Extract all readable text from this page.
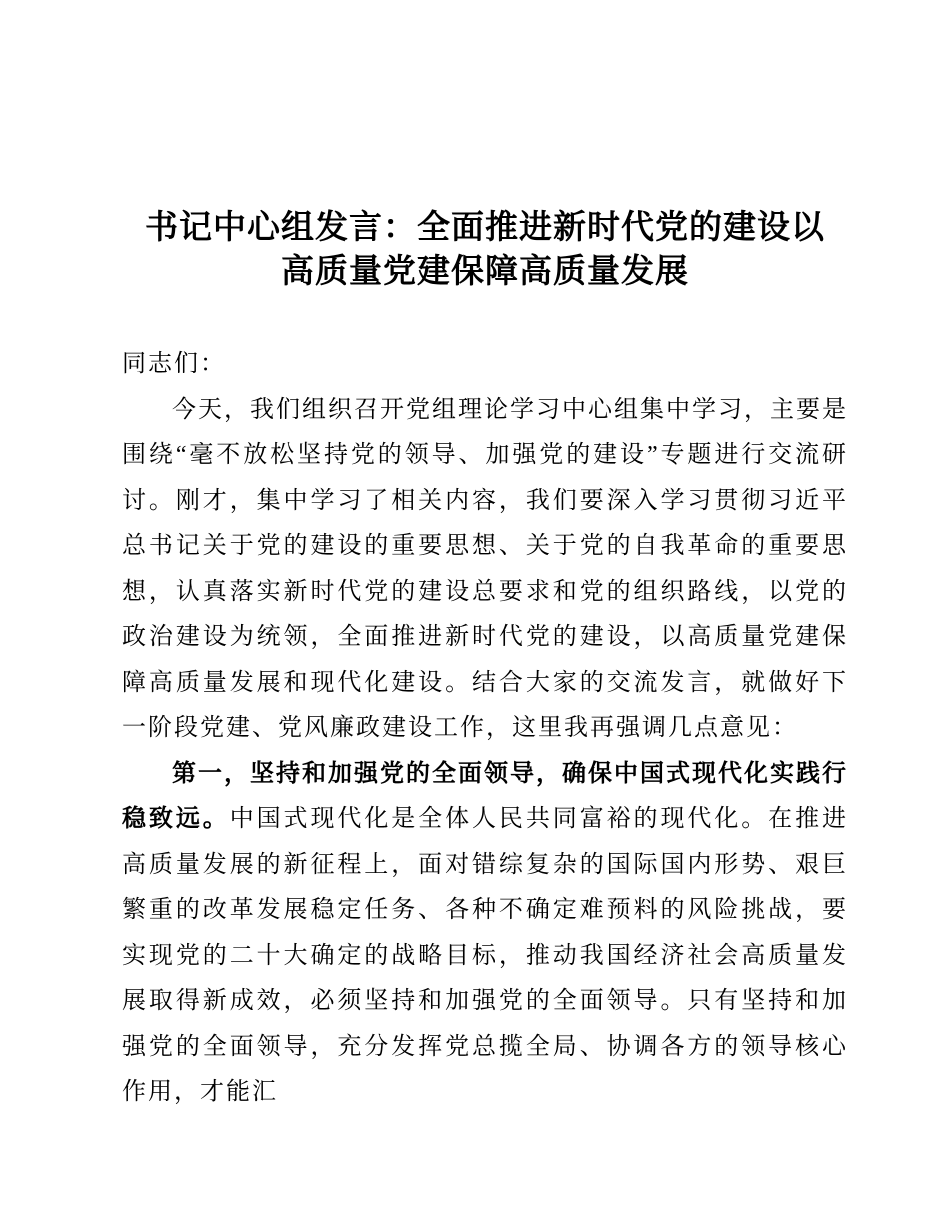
书记中心组发言：全面推进新时代党的建设以
高质量党建保障高质量发展

同志们：

今天，我们组织召开党组理论学习中心组集中学习，主要是围绕“毫不放松坚持党的领导、加强党的建设”专题进行交流研讨。刚才，集中学习了相关内容，我们要深入学习贯彻习近平总书记关于党的建设的重要思想、关于党的自我革命的重要思想，认真落实新时代党的建设总要求和党的组织路线，以党的政治建设为统领，全面推进新时代党的建设，以高质量党建保障高质量发展和现代化建设。结合大家的交流发言，就做好下一阶段党建、党风廉政建设工作，这里我再强调几点意见：

第一，坚持和加强党的全面领导，确保中国式现代化实践行稳致远。中国式现代化是全体人民共同富裕的现代化。在推进高质量发展的新征程上，面对错综复杂的国际国内形势、艰巨繁重的改革发展稳定任务、各种不确定难预料的风险挑战，要实现党的二十大确定的战略目标，推动我国经济社会高质量发展取得新成效，必须坚持和加强党的全面领导。只有坚持和加强党的全面领导，充分发挥党总揽全局、协调各方的领导核心作用，才能汇
